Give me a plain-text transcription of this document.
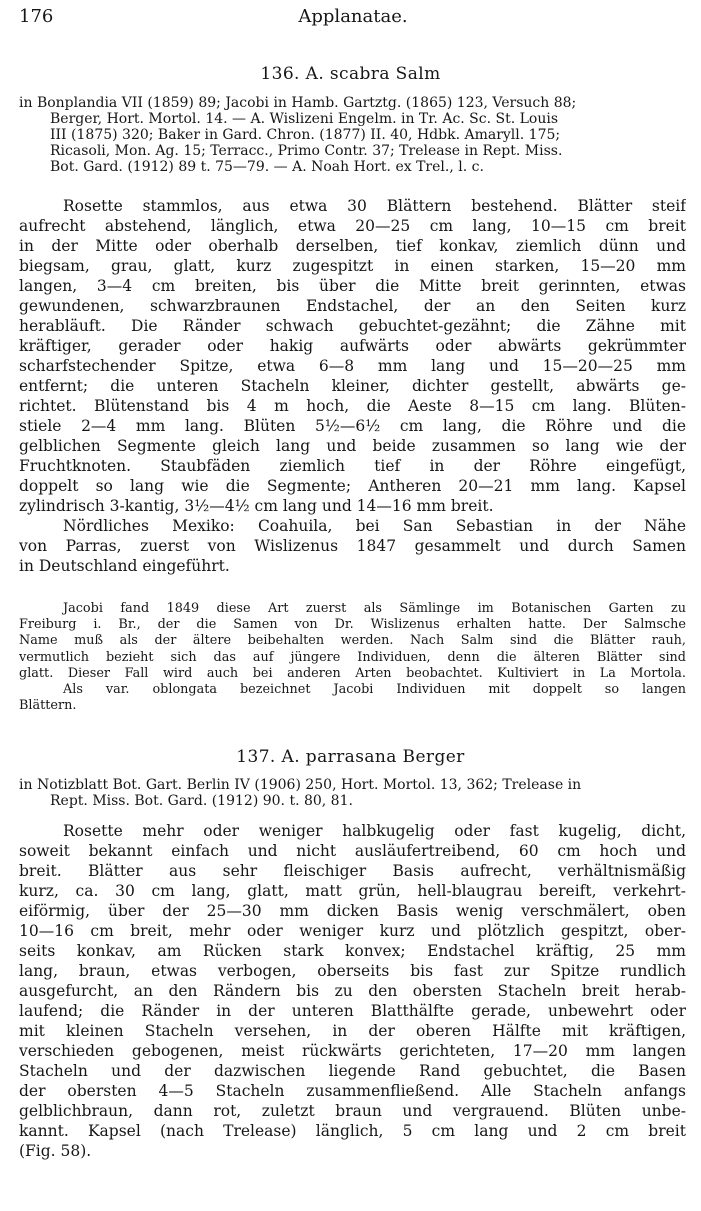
176	Applanatae.
136. A. scabra Salm
in Bonplandia VII (1859) 89; Jacobi in Hamb. Gartztg. (1865) 123, Versuch 88;
Berger, Hort. Mortol. 14. — A. Wislizeni Engelm. in Tr. Ac. Sc. St. Louis
III (1875) 320; Baker in Gard. Chron. (1877) II. 40, Hdbk. Amaryll. 175;
Ricasoli, Mon. Ag. 15; Terracc., Primo Contr. 37; Trelease in Rept. Miss.
Bot. Gard. (1912) 89 t. 75—79. — A. Noah Hort. ex Trel., l. c.
Rosette stammlos, aus etwa 30 Blättern bestehend. Blätter steif
aufrecht abstehend, länglich, etwa 20—25 cm lang, 10—15 cm breit
in der Mitte oder oberhalb derselben, tief konkav, ziemlich dünn und
biegsam, grau, glatt, kurz zugespitzt in einen starken, 15—20 mm
langen, 3—4 cm breiten, bis über die Mitte breit gerinnten, etwas
gewundenen, schwarzbraunen Endstachel, der an den Seiten kurz
herabläuft. Die Ränder schwach gebuchtet-gezähnt; die Zähne mit
kräftiger, gerader oder hakig aufwärts oder abwärts gekrümmter
scharfstechender Spitze, etwa 6—8 mm lang und 15—20—25 mm
entfernt; die unteren Stacheln kleiner, dichter gestellt, abwärts ge-
richtet. Blütenstand bis 4 m hoch, die Aeste 8—15 cm lang. Blüten-
stiele 2—4 mm lang. Blüten 5½—6½ cm lang, die Röhre und die
gelblichen Segmente gleich lang und beide zusammen so lang wie der
Fruchtknoten. Staubfäden ziemlich tief in der Röhre eingefügt,
doppelt so lang wie die Segmente; Antheren 20—21 mm lang. Kapsel
zylindrisch 3-kantig, 3½—4½ cm lang und 14—16 mm breit.
Nördliches Mexiko: Coahuila, bei San Sebastian in der Nähe
von Parras, zuerst von Wislizenus 1847 gesammelt und durch Samen
in Deutschland eingeführt.
Jacobi fand 1849 diese Art zuerst als Sämlinge im Botanischen Garten zu
Freiburg i. Br., der die Samen von Dr. Wislizenus erhalten hatte. Der Salmsche
Name muß als der ältere beibehalten werden. Nach Salm sind die Blätter rauh,
vermutlich bezieht sich das auf jüngere Individuen, denn die älteren Blätter sind
glatt. Dieser Fall wird auch bei anderen Arten beobachtet. Kultiviert in La Mortola.
Als var. oblongata bezeichnet Jacobi Individuen mit doppelt so langen
Blättern.
137. A. parrasana Berger
in Notizblatt Bot. Gart. Berlin IV (1906) 250, Hort. Mortol. 13, 362; Trelease in
Rept. Miss. Bot. Gard. (1912) 90. t. 80, 81.
Rosette mehr oder weniger halbkugelig oder fast kugelig, dicht,
soweit bekannt einfach und nicht ausläufertreibend, 60 cm hoch und
breit. Blätter aus sehr fleischiger Basis aufrecht, verhältnismäßig
kurz, ca. 30 cm lang, glatt, matt grün, hell-blaugrau bereift, verkehrt-
eiförmig, über der 25—30 mm dicken Basis wenig verschmälert, oben
10—16 cm breit, mehr oder weniger kurz und plötzlich gespitzt, ober-
seits konkav, am Rücken stark konvex; Endstachel kräftig, 25 mm
lang, braun, etwas verbogen, oberseits bis fast zur Spitze rundlich
ausgefurcht, an den Rändern bis zu den obersten Stacheln breit herab-
laufend; die Ränder in der unteren Blatthälfte gerade, unbewehrt oder
mit kleinen Stacheln versehen, in der oberen Hälfte mit kräftigen,
verschieden gebogenen, meist rückwärts gerichteten, 17—20 mm langen
Stacheln und der dazwischen liegende Rand gebuchtet, die Basen
der obersten 4—5 Stacheln zusammenfließend. Alle Stacheln anfangs
gelblichbraun, dann rot, zuletzt braun und vergrauend. Blüten unbe-
kannt. Kapsel (nach Trelease) länglich, 5 cm lang und 2 cm breit
(Fig. 58).
